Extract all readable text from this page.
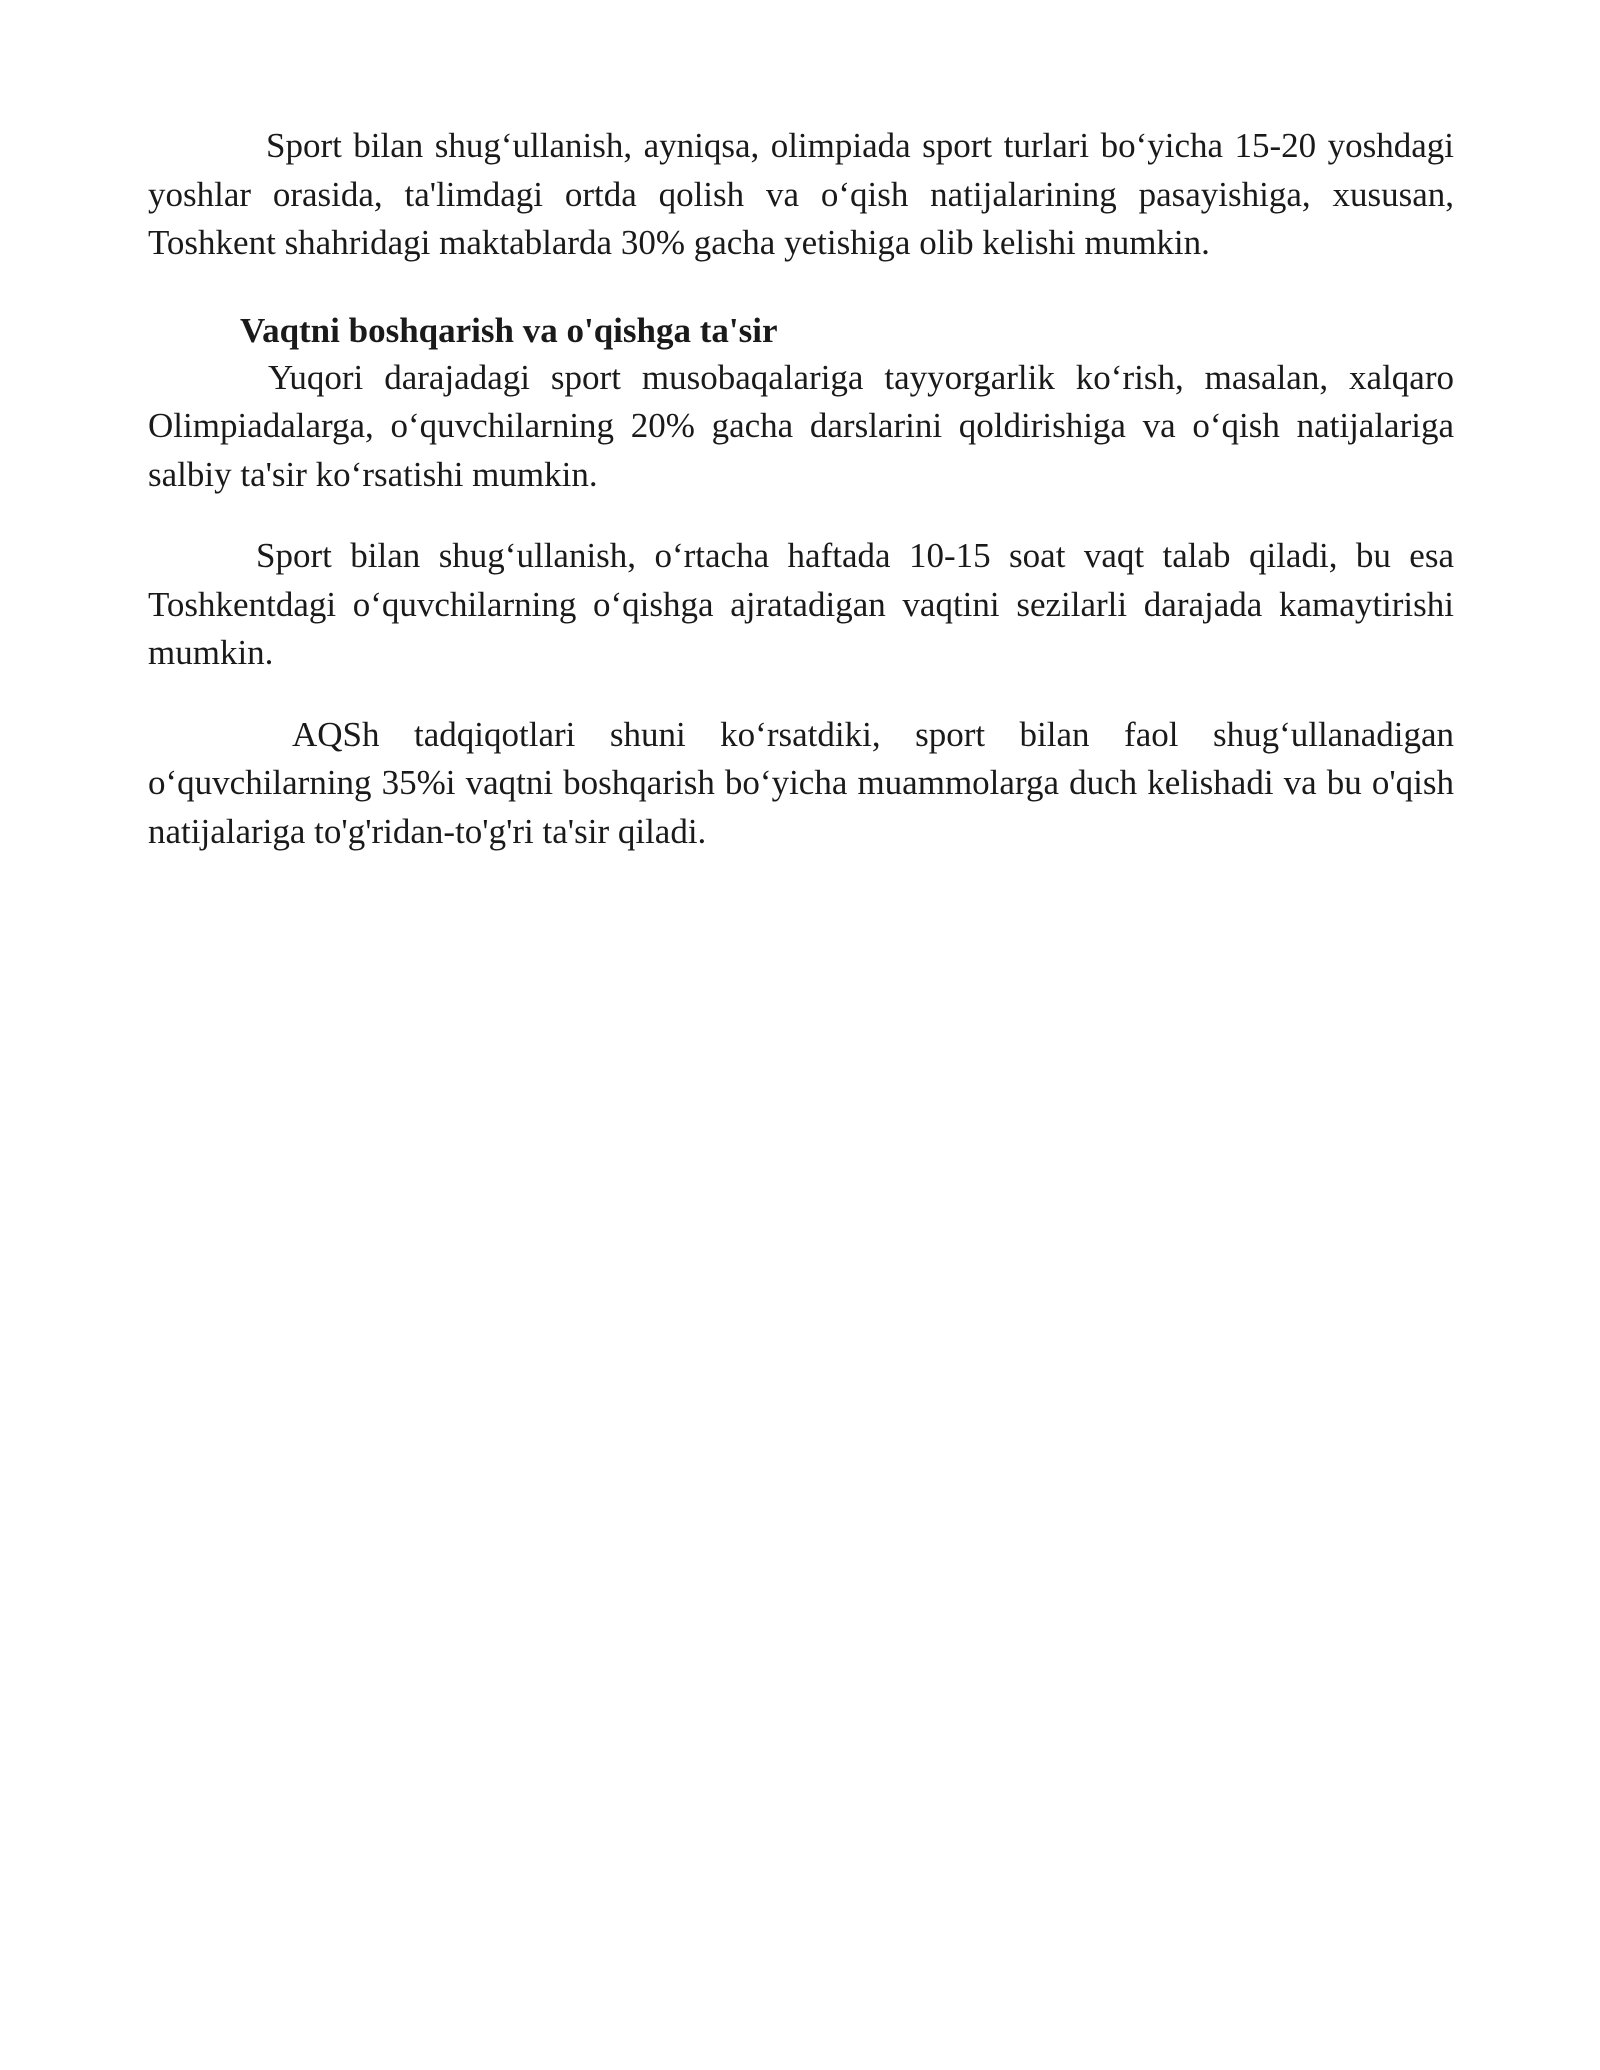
Sport bilan shug‘ullanish, ayniqsa, olimpiada sport turlari bo‘yicha 15-20 yoshdagi yoshlar orasida, ta'limdagi ortda qolish va o‘qish natijalarining pasayishiga, xususan, Toshkent shahridagi maktablarda 30% gacha yetishiga olib kelishi mumkin.

Vaqtni boshqarish va o'qishga ta'sir

Yuqori darajadagi sport musobaqalariga tayyorgarlik ko‘rish, masalan, xalqaro Olimpiadalarga, o‘quvchilarning 20% gacha darslarini qoldirishiga va o‘qish natijalariga salbiy ta'sir ko‘rsatishi mumkin.

Sport bilan shug‘ullanish, o‘rtacha haftada 10-15 soat vaqt talab qiladi, bu esa Toshkentdagi o‘quvchilarning o‘qishga ajratadigan vaqtini sezilarli darajada kamaytirishi mumkin.

AQSh tadqiqotlari shuni ko‘rsatdiki, sport bilan faol shug‘ullanadigan o‘quvchilarning 35%i vaqtni boshqarish bo‘yicha muammolarga duch kelishadi va bu o'qish natijalariga to'g'ridan-to'g'ri ta'sir qiladi.
